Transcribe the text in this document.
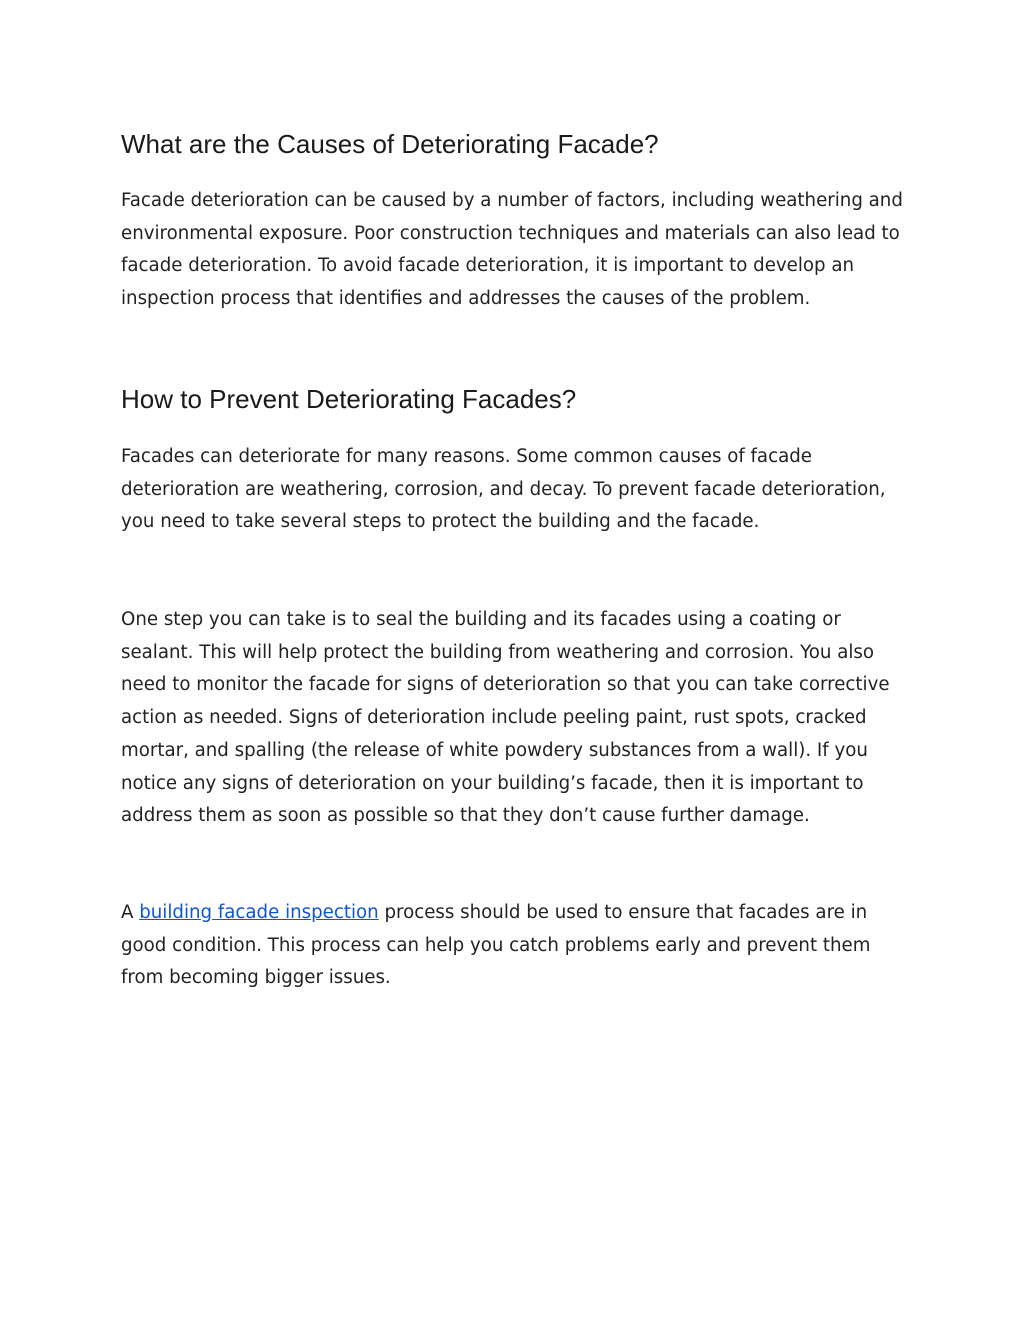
What are the Causes of Deteriorating Facade?

Facade deterioration can be caused by a number of factors, including weathering and environmental exposure. Poor construction techniques and materials can also lead to facade deterioration. To avoid facade deterioration, it is important to develop an inspection process that identifies and addresses the causes of the problem.

How to Prevent Deteriorating Facades?

Facades can deteriorate for many reasons. Some common causes of facade deterioration are weathering, corrosion, and decay. To prevent facade deterioration, you need to take several steps to protect the building and the facade.

One step you can take is to seal the building and its facades using a coating or sealant. This will help protect the building from weathering and corrosion. You also need to monitor the facade for signs of deterioration so that you can take corrective action as needed. Signs of deterioration include peeling paint, rust spots, cracked mortar, and spalling (the release of white powdery substances from a wall). If you notice any signs of deterioration on your building’s facade, then it is important to address them as soon as possible so that they don’t cause further damage.

A building facade inspection process should be used to ensure that facades are in good condition. This process can help you catch problems early and prevent them from becoming bigger issues.
